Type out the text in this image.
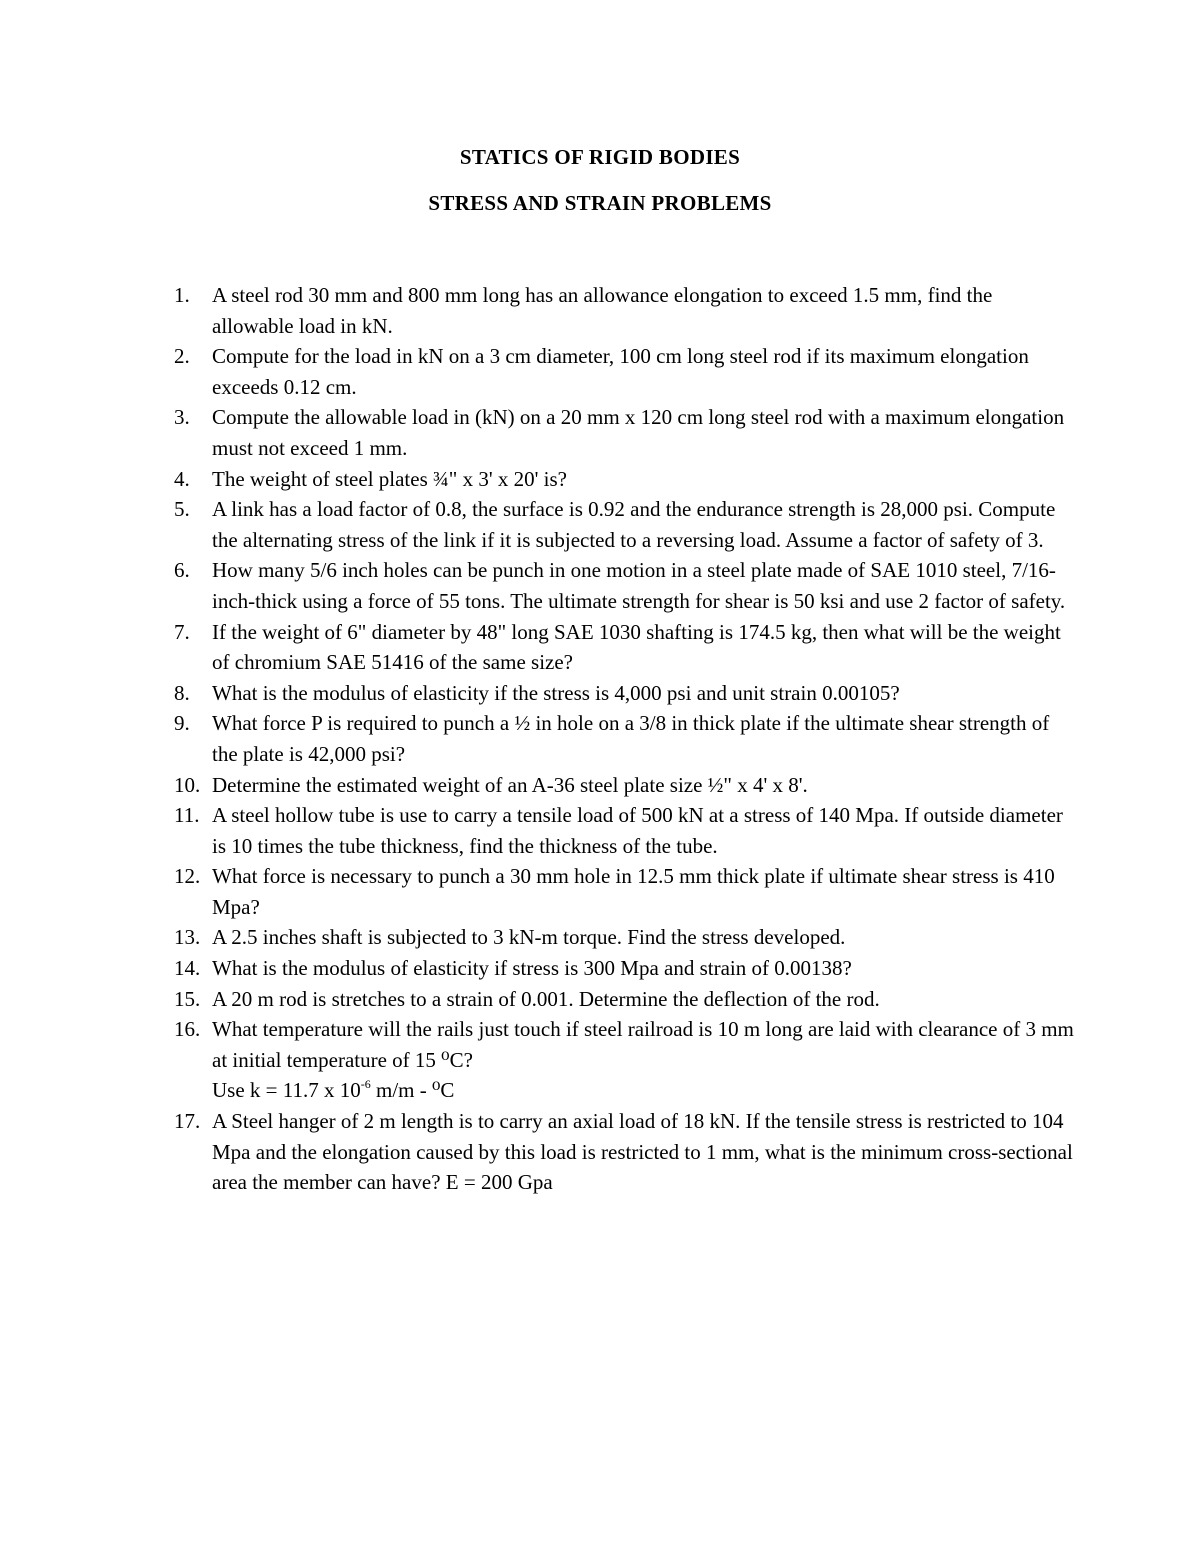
STATICS OF RIGID BODIES
STRESS AND STRAIN PROBLEMS
1.	A steel rod 30 mm and 800 mm long has an allowance elongation to exceed 1.5 mm, find the allowable load in kN.
2.	Compute for the load in kN on a 3 cm diameter, 100 cm long steel rod if its maximum elongation exceeds 0.12 cm.
3.	Compute the allowable load in (kN) on a 20 mm x 120 cm long steel rod with a maximum elongation must not exceed 1 mm.
4.	The weight of steel plates ¾" x 3' x 20' is?
5.	A link has a load factor of 0.8, the surface is 0.92 and the endurance strength is 28,000 psi. Compute the alternating stress of the link if it is subjected to a reversing load. Assume a factor of safety of 3.
6.	How many 5/6 inch holes can be punch in one motion in a steel plate made of SAE 1010 steel, 7/16-inch-thick using a force of 55 tons. The ultimate strength for shear is 50 ksi and use 2 factor of safety.
7.	If the weight of 6" diameter by 48" long SAE 1030 shafting is 174.5 kg, then what will be the weight of chromium SAE 51416 of the same size?
8.	What is the modulus of elasticity if the stress is 4,000 psi and unit strain 0.00105?
9.	What force P is required to punch a ½ in hole on a 3/8 in thick plate if the ultimate shear strength of the plate is 42,000 psi?
10. Determine the estimated weight of an A-36 steel plate size ½" x 4' x 8'.
11. A steel hollow tube is use to carry a tensile load of 500 kN at a stress of 140 Mpa. If outside diameter is 10 times the tube thickness, find the thickness of the tube.
12. What force is necessary to punch a 30 mm hole in 12.5 mm thick plate if ultimate shear stress is 410 Mpa?
13. A 2.5 inches shaft is subjected to 3 kN-m torque. Find the stress developed.
14. What is the modulus of elasticity if stress is 300 Mpa and strain of 0.00138?
15. A 20 m rod is stretches to a strain of 0.001. Determine the deflection of the rod.
16. What temperature will the rails just touch if steel railroad is 10 m long are laid with clearance of 3 mm at initial temperature of 15 ⁰C?
Use k = 11.7 x $10^{-6}$ m/m - ⁰C
17. A Steel hanger of 2 m length is to carry an axial load of 18 kN. If the tensile stress is restricted to 104 Mpa and the elongation caused by this load is restricted to 1 mm, what is the minimum cross-sectional area the member can have? E = 200 Gpa
